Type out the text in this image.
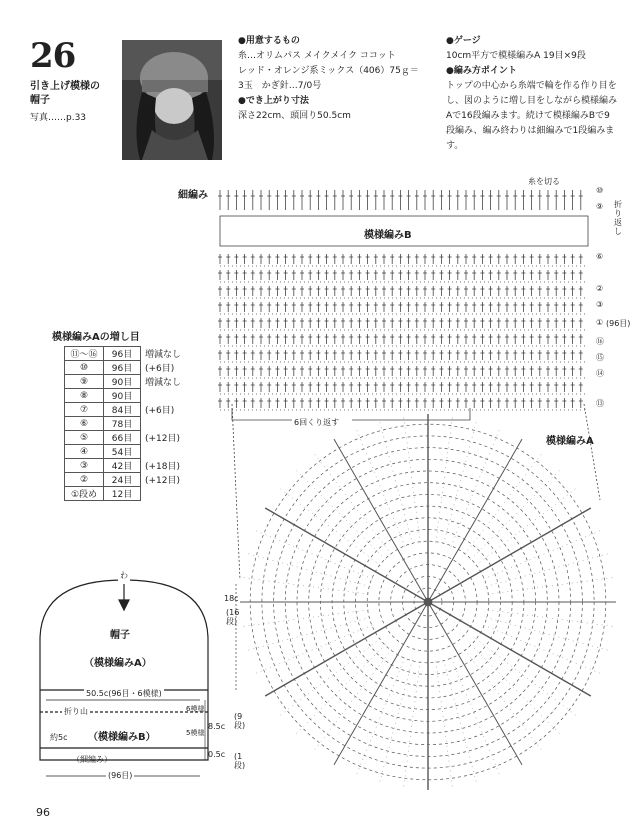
26
引き上げ模様の
帽子
写真……p.33
●用意するもの
糸…オリムパス メイクメイク ココット
レッド・オレンジ系ミックス（406）75ｇ＝
3玉　かぎ針…7/0号
●でき上がり寸法
深さ22cm、頭回り50.5cm
●ゲージ
10cm平方で模様編みA 19目×9段
●編み方ポイント
トップの中心から糸端で輪を作る作り目を
し、図のように増し目をしながら模様編み
Aで16段編みます。続けて模様編みBで9
段編み、編み終わりは細編みで1段編みま
す。
模様編みAの増し目
⑪〜⑯	96目	増減なし
⑩	96目	(+6目)
⑨	90目	増減なし
⑧	90目	
⑦	84目	(+6目)
⑥	78目	
⑤	66目	(+12目)
④	54目	
③	42目	(+18目)
②	24目	(+12目)
①段め	12目	
細編み
糸を切る
模様編みB
模様編みA
折り返し
6回くり返す
(96目)
⑩
⑨
⑥
③
①
⑯
⑮
⑭
⑬
②
18c
(16段)
8.5c
(9段)
0.5c (1段)
わ
帽子
（模様編みA）
50.5c(96目・6模様)
折り山
約5c （模様編みB）
（細編み）
(96目)
6模様
5模様
96
